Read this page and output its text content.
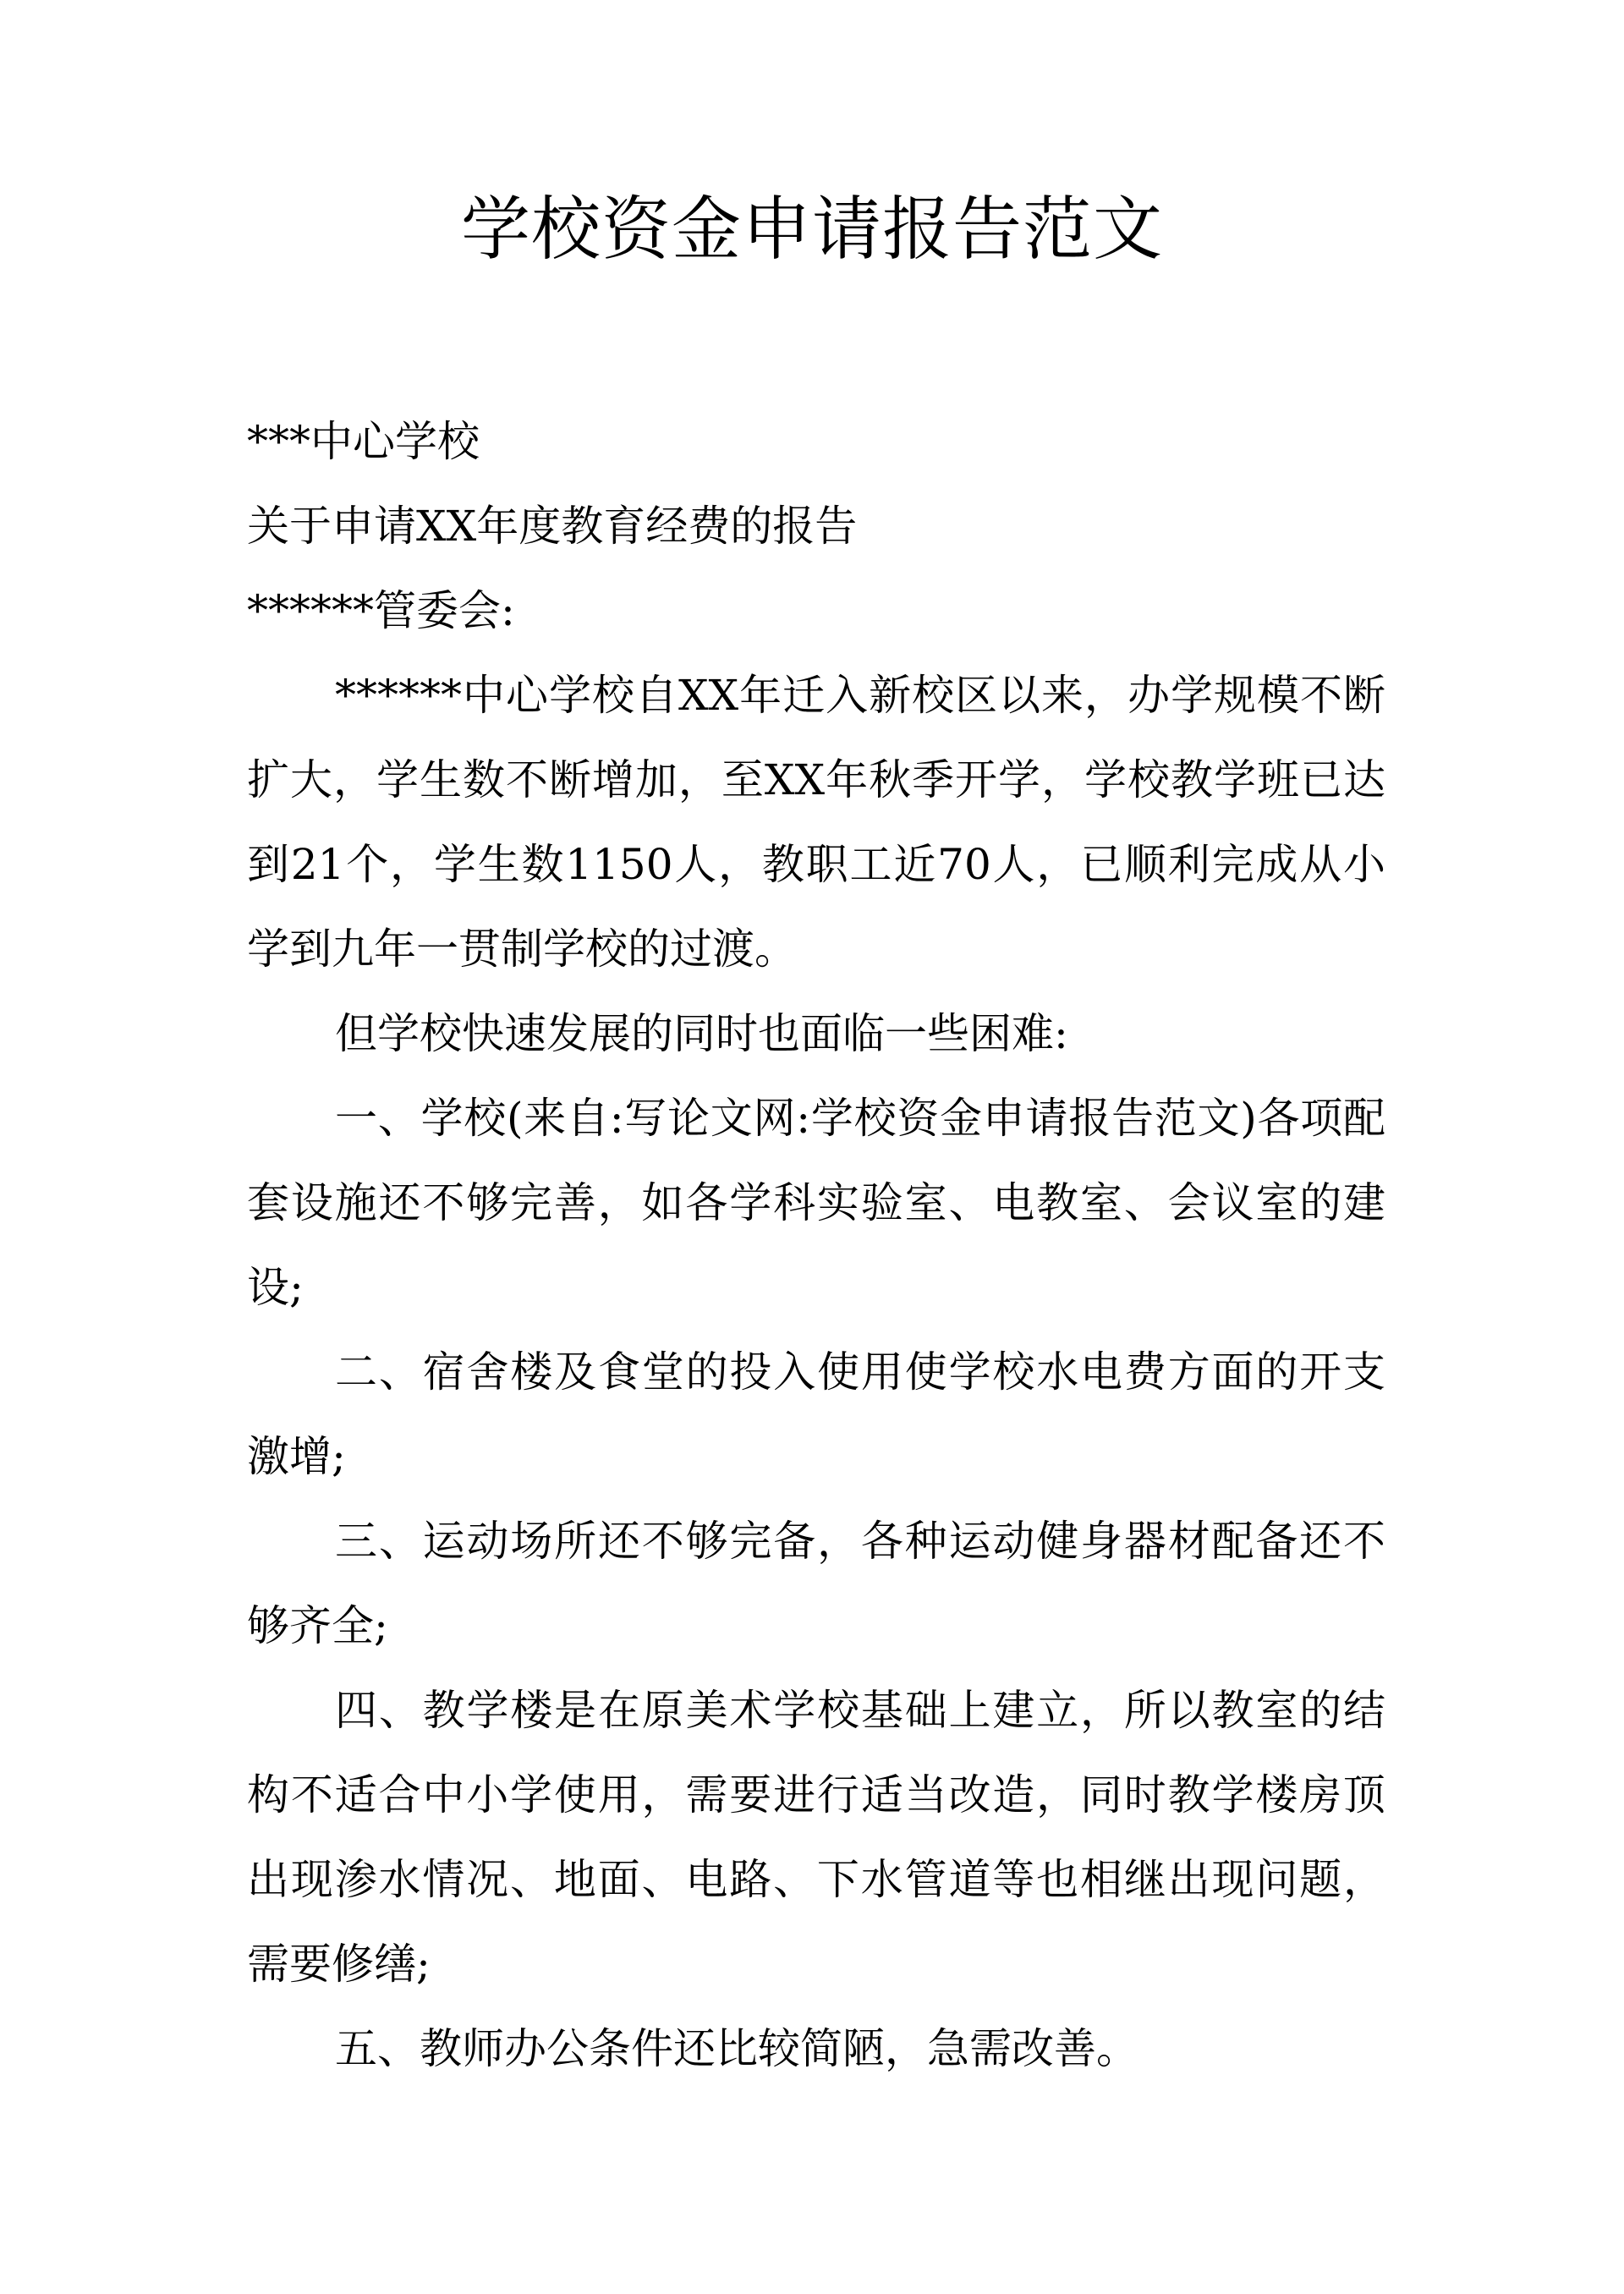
学校资金申请报告范文
***中心学校
关于申请XX年度教育经费的报告
******管委会:
******中心学校自XX年迁入新校区以来，办学规模不断扩大，学生数不断增加，至XX年秋季开学，学校教学班已达到21个，学生数1150人，教职工近70人，已顺利完成从小学到九年一贯制学校的过渡。
但学校快速发展的同时也面临一些困难:
一、学校(来自:写论文网:学校资金申请报告范文)各项配套设施还不够完善，如各学科实验室、电教室、会议室的建设;
二、宿舍楼及食堂的投入使用使学校水电费方面的开支激增;
三、运动场所还不够完备，各种运动健身器材配备还不够齐全;
四、教学楼是在原美术学校基础上建立，所以教室的结构不适合中小学使用，需要进行适当改造，同时教学楼房顶出现渗水情况、地面、电路、下水管道等也相继出现问题，需要修缮;
五、教师办公条件还比较简陋，急需改善。
